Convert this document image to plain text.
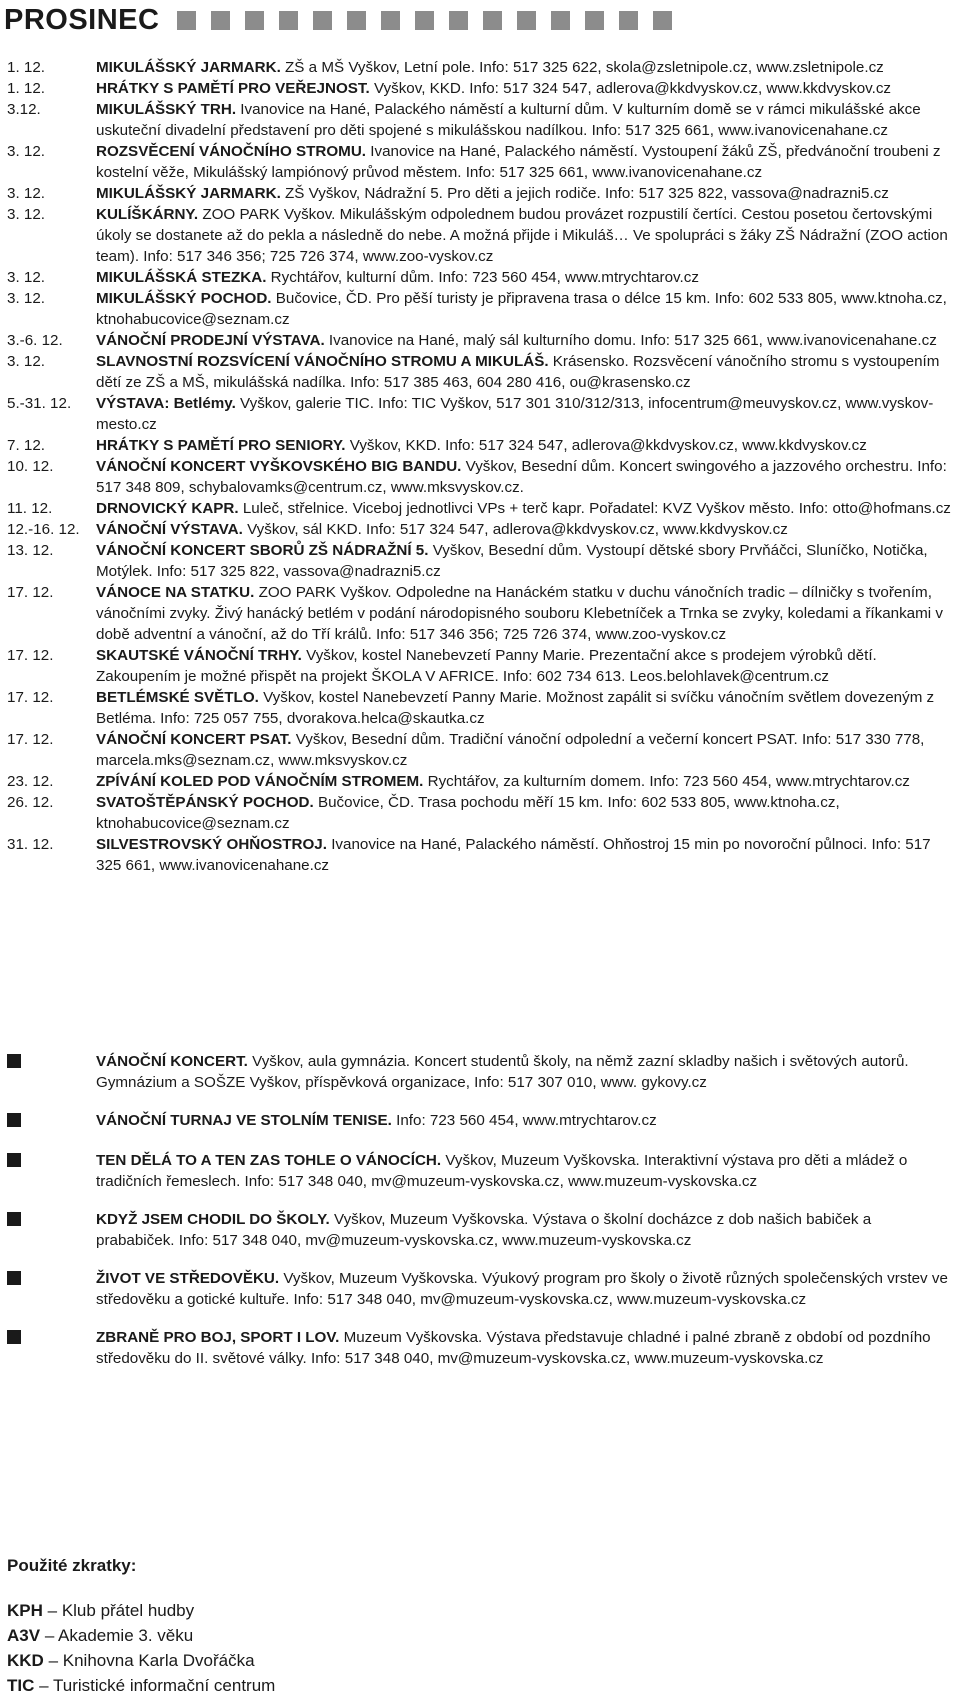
PROSINEC
1. 12.	MIKULÁŠSKÝ JARMARK. ZŠ a MŠ Vyškov, Letní pole. Info: 517 325 622, skola@zsletnipole.cz, www.zsletnipole.cz
1. 12.	HRÁTKY S PAMĚTÍ PRO VEŘEJNOST. Vyškov, KKD. Info: 517 324 547, adlerova@kkdvyskov.cz, www.kkdvyskov.cz
3.12.	MIKULÁŠSKÝ TRH. Ivanovice na Hané, Palackého náměstí a kulturní dům. V kulturním domě se v rámci mikulášské akce uskuteční divadelní představení pro děti spojené s mikulášskou nadílkou. Info: 517 325 661, www.ivanovicenahane.cz
3. 12.	ROZSVĚCENÍ VÁNOČNÍHO STROMU. Ivanovice na Hané, Palackého náměstí. Vystoupení žáků ZŠ, předvánoční troubeni z kostelní věže, Mikulášský lampiónový průvod městem. Info: 517 325 661, www.ivanovicenahane.cz
3. 12.	MIKULÁŠSKÝ JARMARK. ZŠ Vyškov, Nádražní 5. Pro děti a jejich rodiče. Info: 517 325 822, vassova@nadrazni5.cz
3. 12.	KULÍŠKÁRNY. ZOO PARK Vyškov. Mikulášským odpolednem budou provázet rozpustilí čertíci. Cestou posetou čertovskými úkoly se dostanete až do pekla a následně do nebe. A možná přijde i Mikuláš… Ve spolupráci s žáky ZŠ Nádražní (ZOO action team). Info: 517 346 356; 725 726 374, www.zoo-vyskov.cz
3. 12.	MIKULÁŠSKÁ STEZKA. Rychtářov, kulturní dům. Info: 723 560 454, www.mtrychtarov.cz
3. 12.	MIKULÁŠSKÝ POCHOD. Bučovice, ČD. Pro pěší turisty je připravena trasa o délce 15 km. Info: 602 533 805, www.ktnoha.cz, ktnohabucovice@seznam.cz
3.-6. 12.	VÁNOČNÍ PRODEJNÍ VÝSTAVA. Ivanovice na Hané, malý sál kulturního domu. Info: 517 325 661, www.ivanovicenahane.cz
3. 12.	SLAVNOSTNÍ ROZSVÍCENÍ VÁNOČNÍHO STROMU A MIKULÁŠ. Krásensko. Rozsvěcení vánočního stromu s vystoupením dětí ze ZŠ a MŠ, mikulášská nadílka. Info: 517 385 463, 604 280 416, ou@krasensko.cz
5.-31. 12.	VÝSTAVA: Betlémy. Vyškov, galerie TIC. Info: TIC Vyškov, 517 301 310/312/313, infocentrum@meuvyskov.cz, www.vyskov-mesto.cz
7. 12.	HRÁTKY S PAMĚTÍ PRO SENIORY. Vyškov, KKD. Info: 517 324 547, adlerova@kkdvyskov.cz, www.kkdvyskov.cz
10. 12.	VÁNOČNÍ KONCERT VYŠKOVSKÉHO BIG BANDU. Vyškov, Besední dům. Koncert swingového a jazzového orchestru. Info: 517 348 809, schybalovamks@centrum.cz, www.mksvyskov.cz.
11. 12.	DRNOVICKÝ KAPR. Luleč, střelnice. Viceboj jednotlivci VPs + terč kapr. Pořadatel: KVZ Vyškov město. Info: otto@hofmans.cz
12.-16. 12.	VÁNOČNÍ VÝSTAVA. Vyškov, sál KKD. Info: 517 324 547, adlerova@kkdvyskov.cz, www.kkdvyskov.cz
13. 12.	VÁNOČNÍ KONCERT SBORŮ ZŠ NÁDRAŽNÍ 5. Vyškov, Besední dům. Vystoupí dětské sbory Prvňáčci, Sluníčko, Notička, Motýlek. Info: 517 325 822, vassova@nadrazni5.cz
17. 12.	VÁNOCE NA STATKU. ZOO PARK Vyškov. Odpoledne na Hanáckém statku v duchu vánočních tradic – dílničky s tvořením, vánočními zvyky. Živý hanácký betlém v podání národopisného souboru Klebetníček a Trnka se zvyky, koledami a říkankami v době adventní a vánoční, až do Tří králů. Info: 517 346 356; 725 726 374, www.zoo-vyskov.cz
17. 12.	SKAUTSKÉ VÁNOČNÍ TRHY. Vyškov, kostel Nanebevzetí Panny Marie. Prezentační akce s prodejem výrobků dětí. Zakoupením je možné přispět na projekt ŠKOLA V AFRICE. Info: 602 734 613. Leos.belohlavek@centrum.cz
17. 12.	BETLÉMSKÉ SVĚTLO. Vyškov, kostel Nanebevzetí Panny Marie. Možnost zapálit si svíčku vánočním světlem dovezeným z Betléma. Info: 725 057 755, dvorakova.helca@skautka.cz
17. 12.	VÁNOČNÍ KONCERT PSAT. Vyškov, Besední dům. Tradiční vánoční odpolední a večerní koncert PSAT. Info: 517 330 778, marcela.mks@seznam.cz, www.mksvyskov.cz
23. 12.	ZPÍVÁNÍ KOLED POD VÁNOČNÍM STROMEM. Rychtářov, za kulturním domem. Info: 723 560 454, www.mtrychtarov.cz
26. 12.	SVATOŠTĚPÁNSKÝ POCHOD. Bučovice, ČD. Trasa pochodu měří 15 km. Info: 602 533 805, www.ktnoha.cz, ktnohabucovice@seznam.cz
31. 12.	SILVESTROVSKÝ OHŇOSTROJ. Ivanovice na Hané, Palackého náměstí. Ohňostroj 15 min po novoroční půlnoci. Info: 517 325 661, www.ivanovicenahane.cz
VÁNOČNÍ KONCERT. Vyškov, aula gymnázia. Koncert studentů školy, na němž zazní skladby našich i světových autorů. Gymnázium a SOŠZE Vyškov, příspěvková organizace, Info: 517 307 010, www. gykovy.cz
VÁNOČNÍ TURNAJ VE STOLNÍM TENISE. Info: 723 560 454, www.mtrychtarov.cz
TEN DĚLÁ TO A TEN ZAS TOHLE O VÁNOCÍCH. Vyškov, Muzeum Vyškovska. Interaktivní výstava pro děti a mládež o tradičních řemeslech. Info: 517 348 040, mv@muzeum-vyskovska.cz, www.muzeum-vyskovska.cz
KDYŽ JSEM CHODIL DO ŠKOLY. Vyškov, Muzeum Vyškovska. Výstava o školní docházce z dob našich babiček a prababiček. Info: 517 348 040, mv@muzeum-vyskovska.cz, www.muzeum-vyskovska.cz
ŽIVOT VE STŘEDOVĚKU. Vyškov, Muzeum Vyškovska. Výukový program pro školy o životě různých společenských vrstev ve středověku a gotické kultuře. Info: 517 348 040, mv@muzeum-vyskovska.cz, www.muzeum-vyskovska.cz
ZBRANĚ PRO BOJ, SPORT I LOV. Muzeum Vyškovska. Výstava představuje chladné i palné zbraně z období od pozdního středověku do II. světové války. Info: 517 348 040, mv@muzeum-vyskovska.cz, www.muzeum-vyskovska.cz
Použité zkratky:
KPH – Klub přátel hudby
A3V – Akademie 3. věku
KKD – Knihovna Karla Dvořáčka
TIC – Turistické informační centrum
